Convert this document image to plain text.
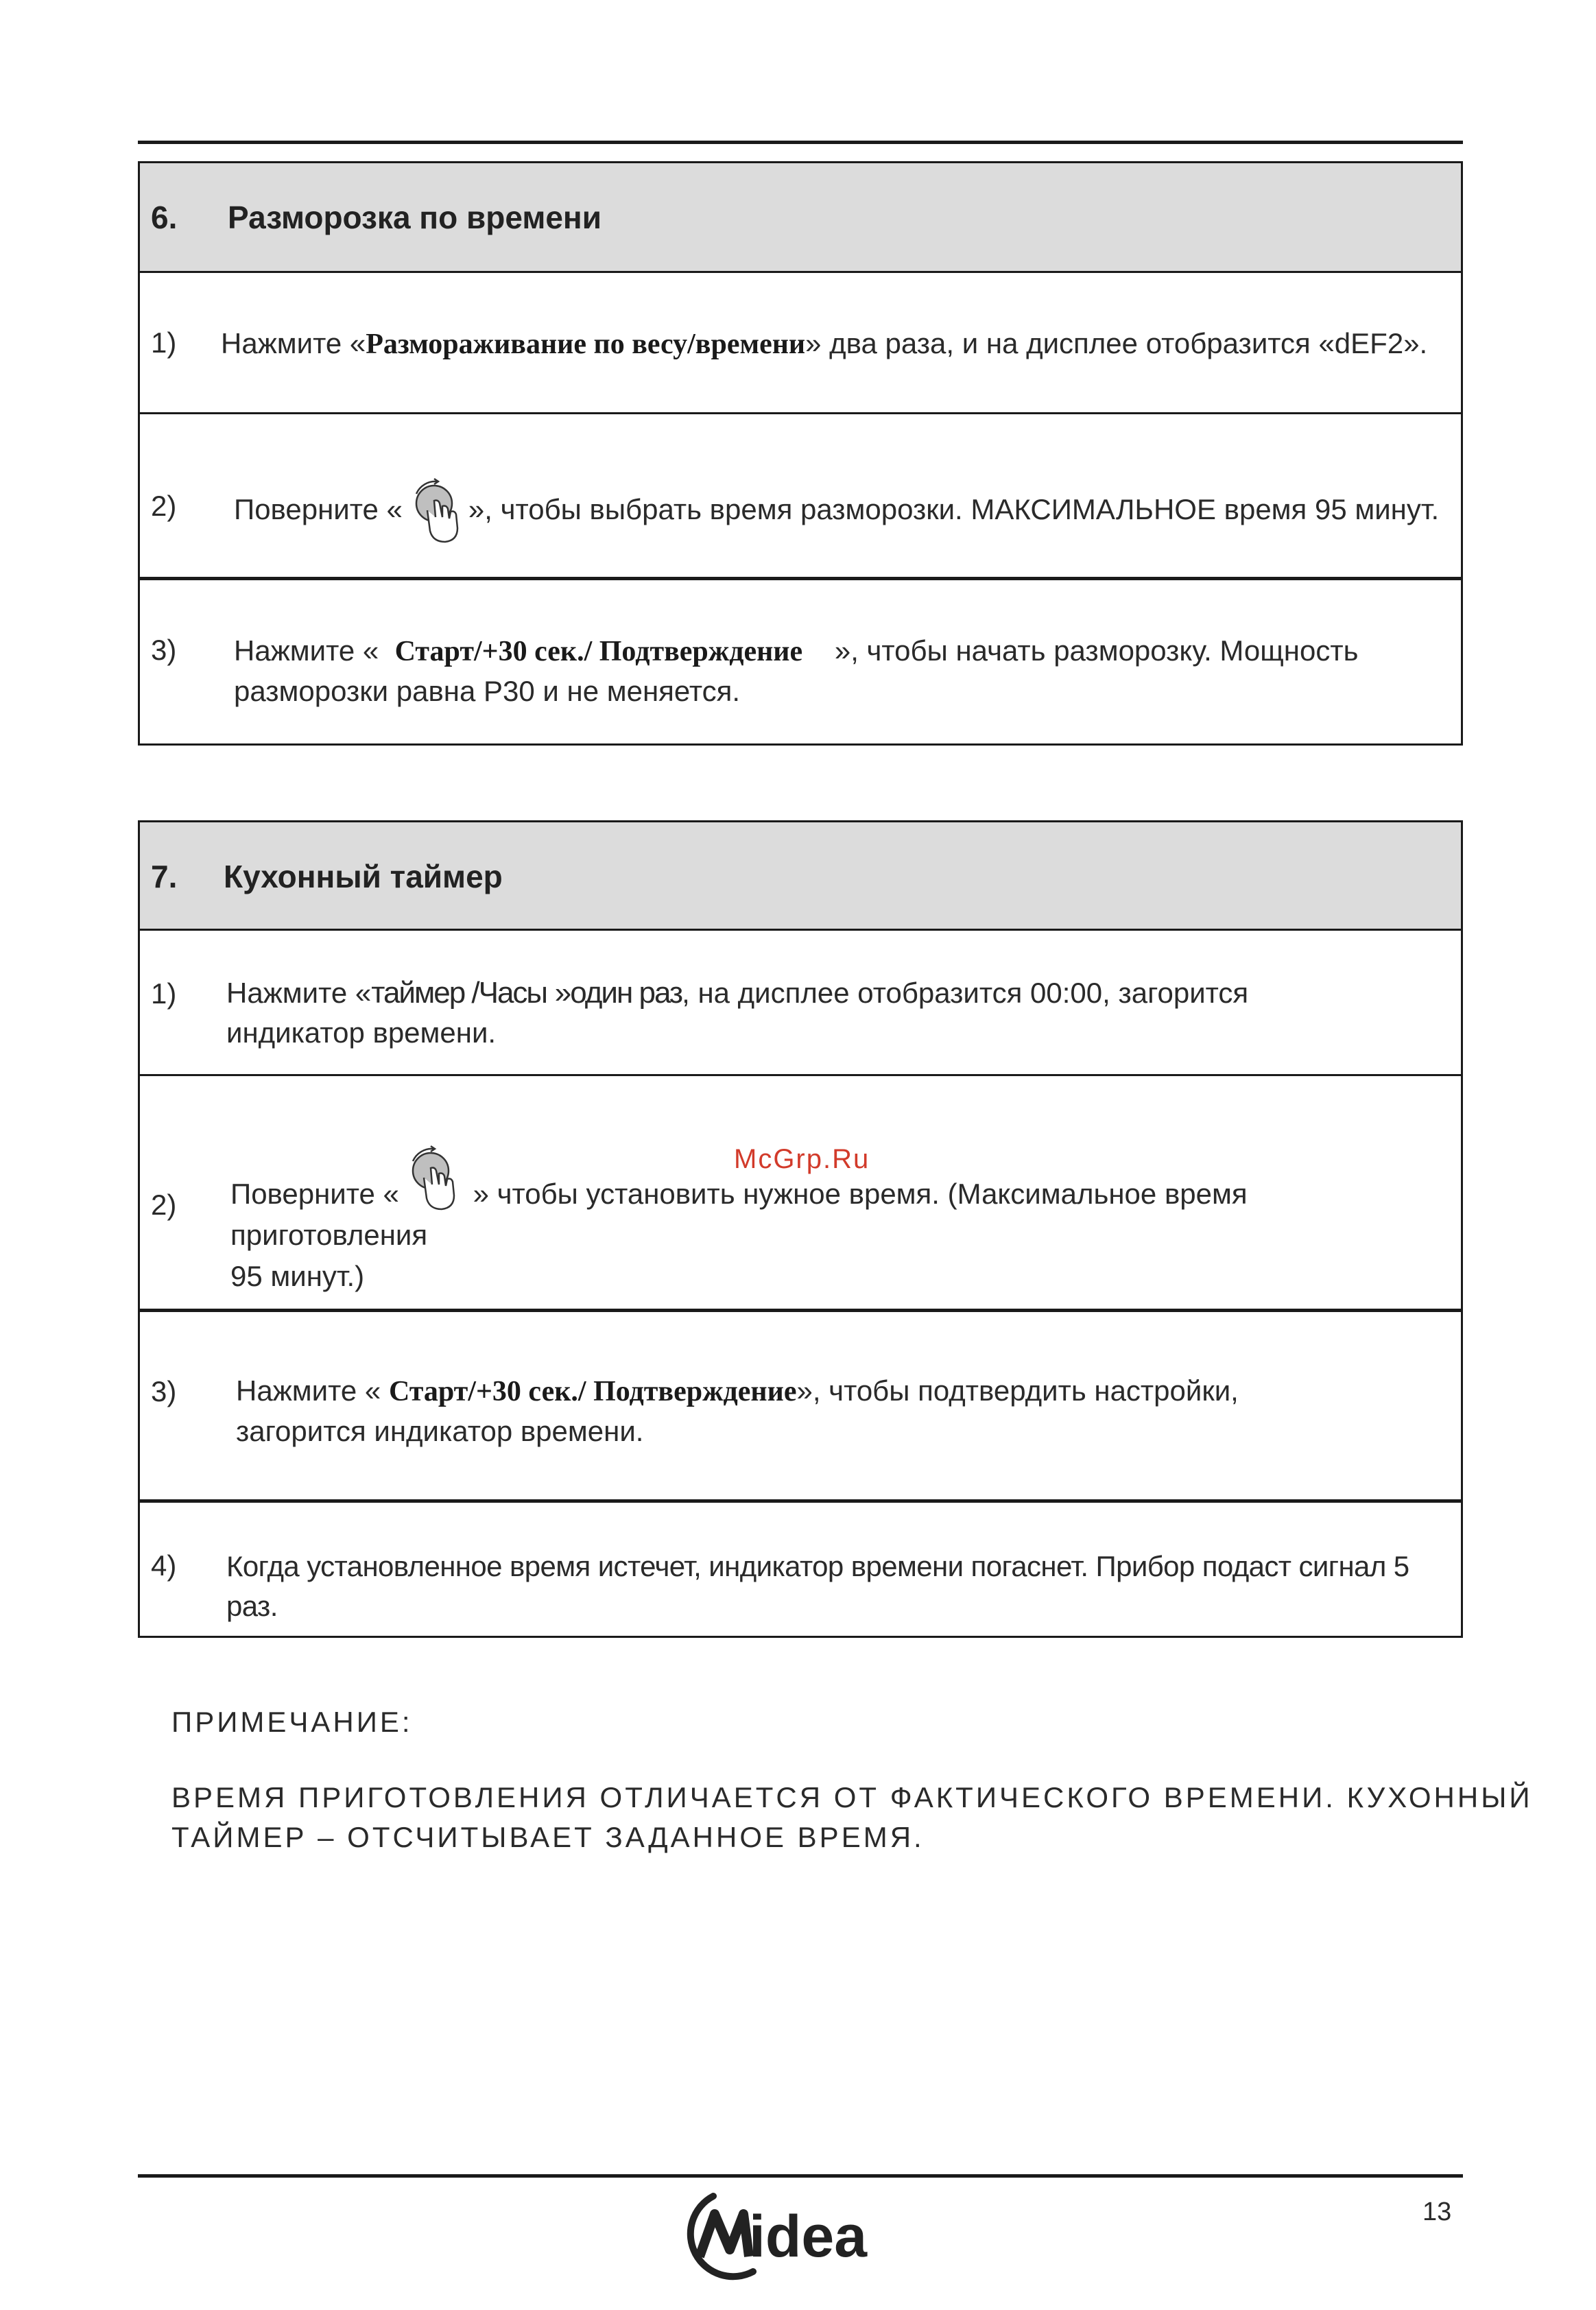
6. Разморозка по времени
1) Нажмите «Размораживание по весу/времени» два раза, и на дисплее отобразится «dEF2».
2) Поверните « », чтобы выбрать время разморозки. МАКСИМАЛЬНОЕ время 95 минут.
3) Нажмите « Старт/+30 сек./ Подтверждение », чтобы начать разморозку. Мощность
разморозки равна P30 и не меняется.
7. Кухонный таймер
1) Нажмите «таймер /Часы »один раз, на дисплее отобразится 00:00, загорится
индикатор времени.
2) Поверните «	» чтобы установить нужное время. (Максимальное время приготовления
95 минут.)
3) Нажмите « Старт/+30 сек./ Подтверждение», чтобы подтвердить настройки,
загорится индикатор времени.
4) Когда установленное время истечет, индикатор времени погаснет. Прибор подаст сигнал 5 раз.
McGrp.Ru
ПРИМЕЧАНИЕ:
ВРЕМЯ ПРИГОТОВЛЕНИЯ ОТЛИЧАЕТСЯ ОТ ФАКТИЧЕСКОГО ВРЕМЕНИ. КУХОННЫЙ
ТАЙМЕР – ОТСЧИТЫВАЕТ ЗАДАННОЕ ВРЕМЯ.
13
idea
